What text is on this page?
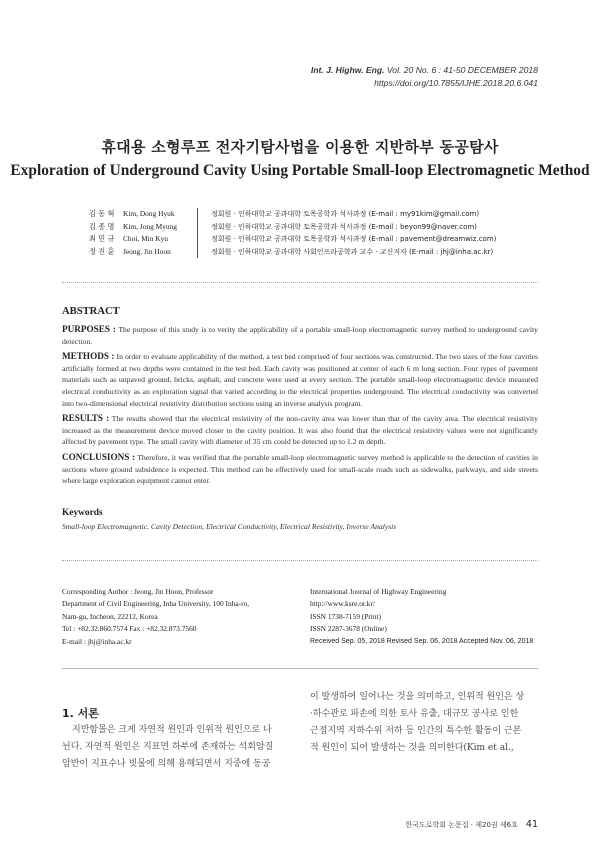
Int. J. Highw. Eng. Vol. 20 No. 6 : 41-50 DECEMBER 2018
https://doi.org/10.7855/IJHE.2018.20.6.041
휴대용 소형루프 전자기탐사법을 이용한 지반하부 동공탐사
Exploration of Underground Cavity Using Portable Small-loop Electromagnetic Method
김 동 혁	Kim, Dong Hyuk	정회원 · 인하대학교 공과대학 토목공학과 석사과정 (E-mail : my91kim@gmail.com)
김 종 명	Kim, Jong Myung	정회원 · 인하대학교 공과대학 토목공학과 석사과정 (E-mail : beyon99@naver.com)
최 민 규	Choi, Min Kyu	정회원 · 인하대학교 공과대학 토목공학과 석사과정 (E-mail : pavement@dreamwiz.com)
정 진 훈	Jeong, Jin Hoon	정회원 · 인하대학교 공과대학 사회인프라공학과 교수 · 교신저자 (E-mail : jhj@inha.ac.kr)
ABSTRACT

PURPOSES : The purpose of this study is to verity the applicability of a portable small-loop electromagnetic survey method to underground cavity detection.

METHODS : In order to evaluate applicability of the method, a test bed comprised of four sections was constructed. The two sizes of the four cavities artificially formed at two depths were contained in the test bed. Each cavity was positioned at center of each 6 m long section. Four types of pavement materials such as unpaved ground, bricks, asphalt, and concrete were used at every section. The portable small-loop electromagnetic device measured electrical conductivity as an exploration signal that varied according to the electrical properties underground. The electrical conductivity was converted into two-dimensional electrical resistivity distribution sections using an inverse analysis program.

RESULTS : The results showed that the electrical resistivity of the non-cavity area was lower than that of the cavity area. The electrical resistivity increased as the measurement device moved closer to the cavity position. It was also found that the electrical resistivity values were not significantly affected by pavement type. The small cavity with diameter of 35 cm could be detected up to 1.2 m depth.

CONCLUSIONS : Therefore, it was verified that the portable small-loop electromagnetic survey method is applicable to the detection of cavities in sections where ground subsidence is expected. This method can be effectively used for small-scale roads such as sidewalks, parkways, and side streets where large exploration equipment cannot enter.

Keywords
Small-loop Electromagnetic, Cavity Detection, Electrical Conductivity, Electrical Resistivity, Inverse Analysis
Corresponding Author : Jeong, Jin Hoon, Professor
Department of Civil Engineering, Inha University, 100 Inha-ro,
Nam-gu, Incheon, 22212, Korea
Tel : +82.32.860.7574 Fax : +82.32.873.7560
E-mail : jhj@inha.ac.kr
International Journal of Highway Engineering
http://www.ksre.or.kr/
ISSN 1738-7159 (Print)
ISSN 2287-3678 (Online)
Received Sep. 05, 2018 Revised Sep. 06, 2018 Accepted Nov. 06, 2018
1. 서론
지반함몰은 크게 자연적 원인과 인위적 원인으로 나
뉜다. 자연적 원인은 지표면 하부에 존재하는 석회암질
암반이 지표수나 빗물에 의해 용해되면서 지중에 동공
이 발생하여 일어나는 것을 의미하고, 인위적 원인은 상
·하수관로 파손에 의한 토사 유출, 대규모 공사로 인한
근접지역 지하수위 저하 등 인간의 특수한 활동이 근본
적 원인이 되어 발생하는 것을 의미한다(Kim et al.,
한국도로학회 논문집 · 제20권 제6호 41
